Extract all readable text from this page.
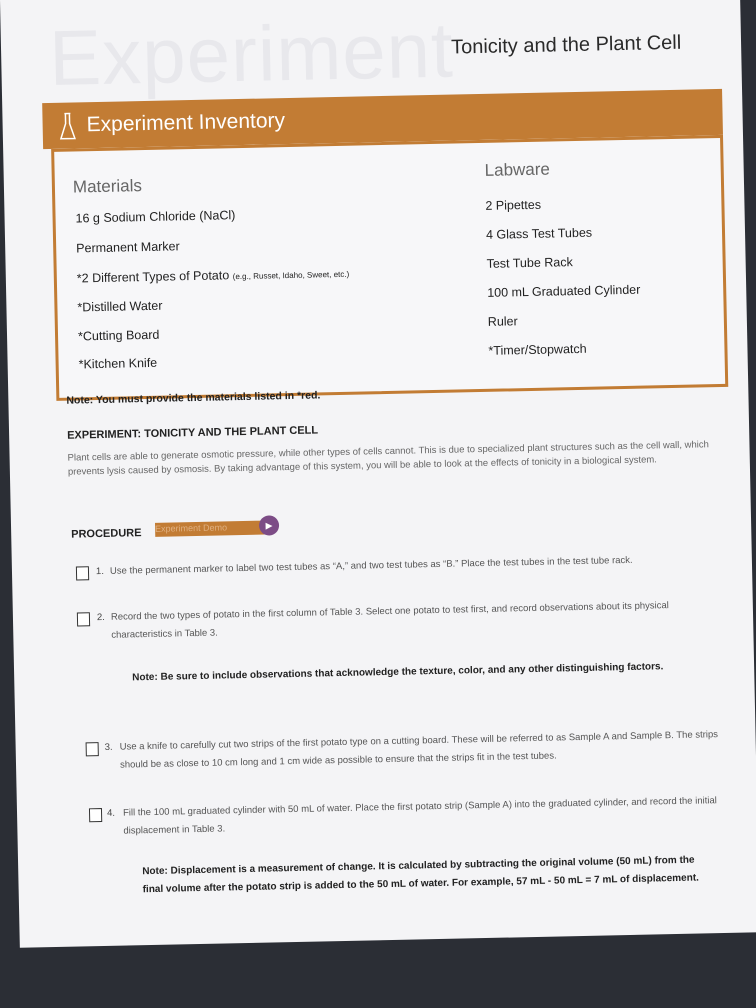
Experiment
Tonicity and the Plant Cell
Experiment Inventory
Materials
Labware
16 g Sodium Chloride (NaCl)
Permanent Marker
*2 Different Types of Potato (e.g., Russet, Idaho, Sweet, etc.)
*Distilled Water
*Cutting Board
*Kitchen Knife
2 Pipettes
4 Glass Test Tubes
Test Tube Rack
100 mL Graduated Cylinder
Ruler
*Timer/Stopwatch
Note: You must provide the materials listed in *red.
EXPERIMENT: TONICITY AND THE PLANT CELL
Plant cells are able to generate osmotic pressure, while other types of cells cannot. This is due to specialized plant structures such as the cell wall, which prevents lysis caused by osmosis. By taking advantage of this system, you will be able to look at the effects of tonicity in a biological system.
PROCEDURE Experiment Demo	▶
1. Use the permanent marker to label two test tubes as “A,” and two test tubes as “B.” Place the test tubes in the test tube rack.
2. Record the two types of potato in the first column of Table 3. Select one potato to test first, and record observations about its physical characteristics in Table 3.
Note: Be sure to include observations that acknowledge the texture, color, and any other distinguishing factors.
3. Use a knife to carefully cut two strips of the first potato type on a cutting board. These will be referred to as Sample A and Sample B. The strips should be as close to 10 cm long and 1 cm wide as possible to ensure that the strips fit in the test tubes.
4. Fill the 100 mL graduated cylinder with 50 mL of water. Place the first potato strip (Sample A) into the graduated cylinder, and record the initial displacement in Table 3.
Note: Displacement is a measurement of change. It is calculated by subtracting the original volume (50 mL) from the final volume after the potato strip is added to the 50 mL of water. For example, 57 mL - 50 mL = 7 mL of displacement.
